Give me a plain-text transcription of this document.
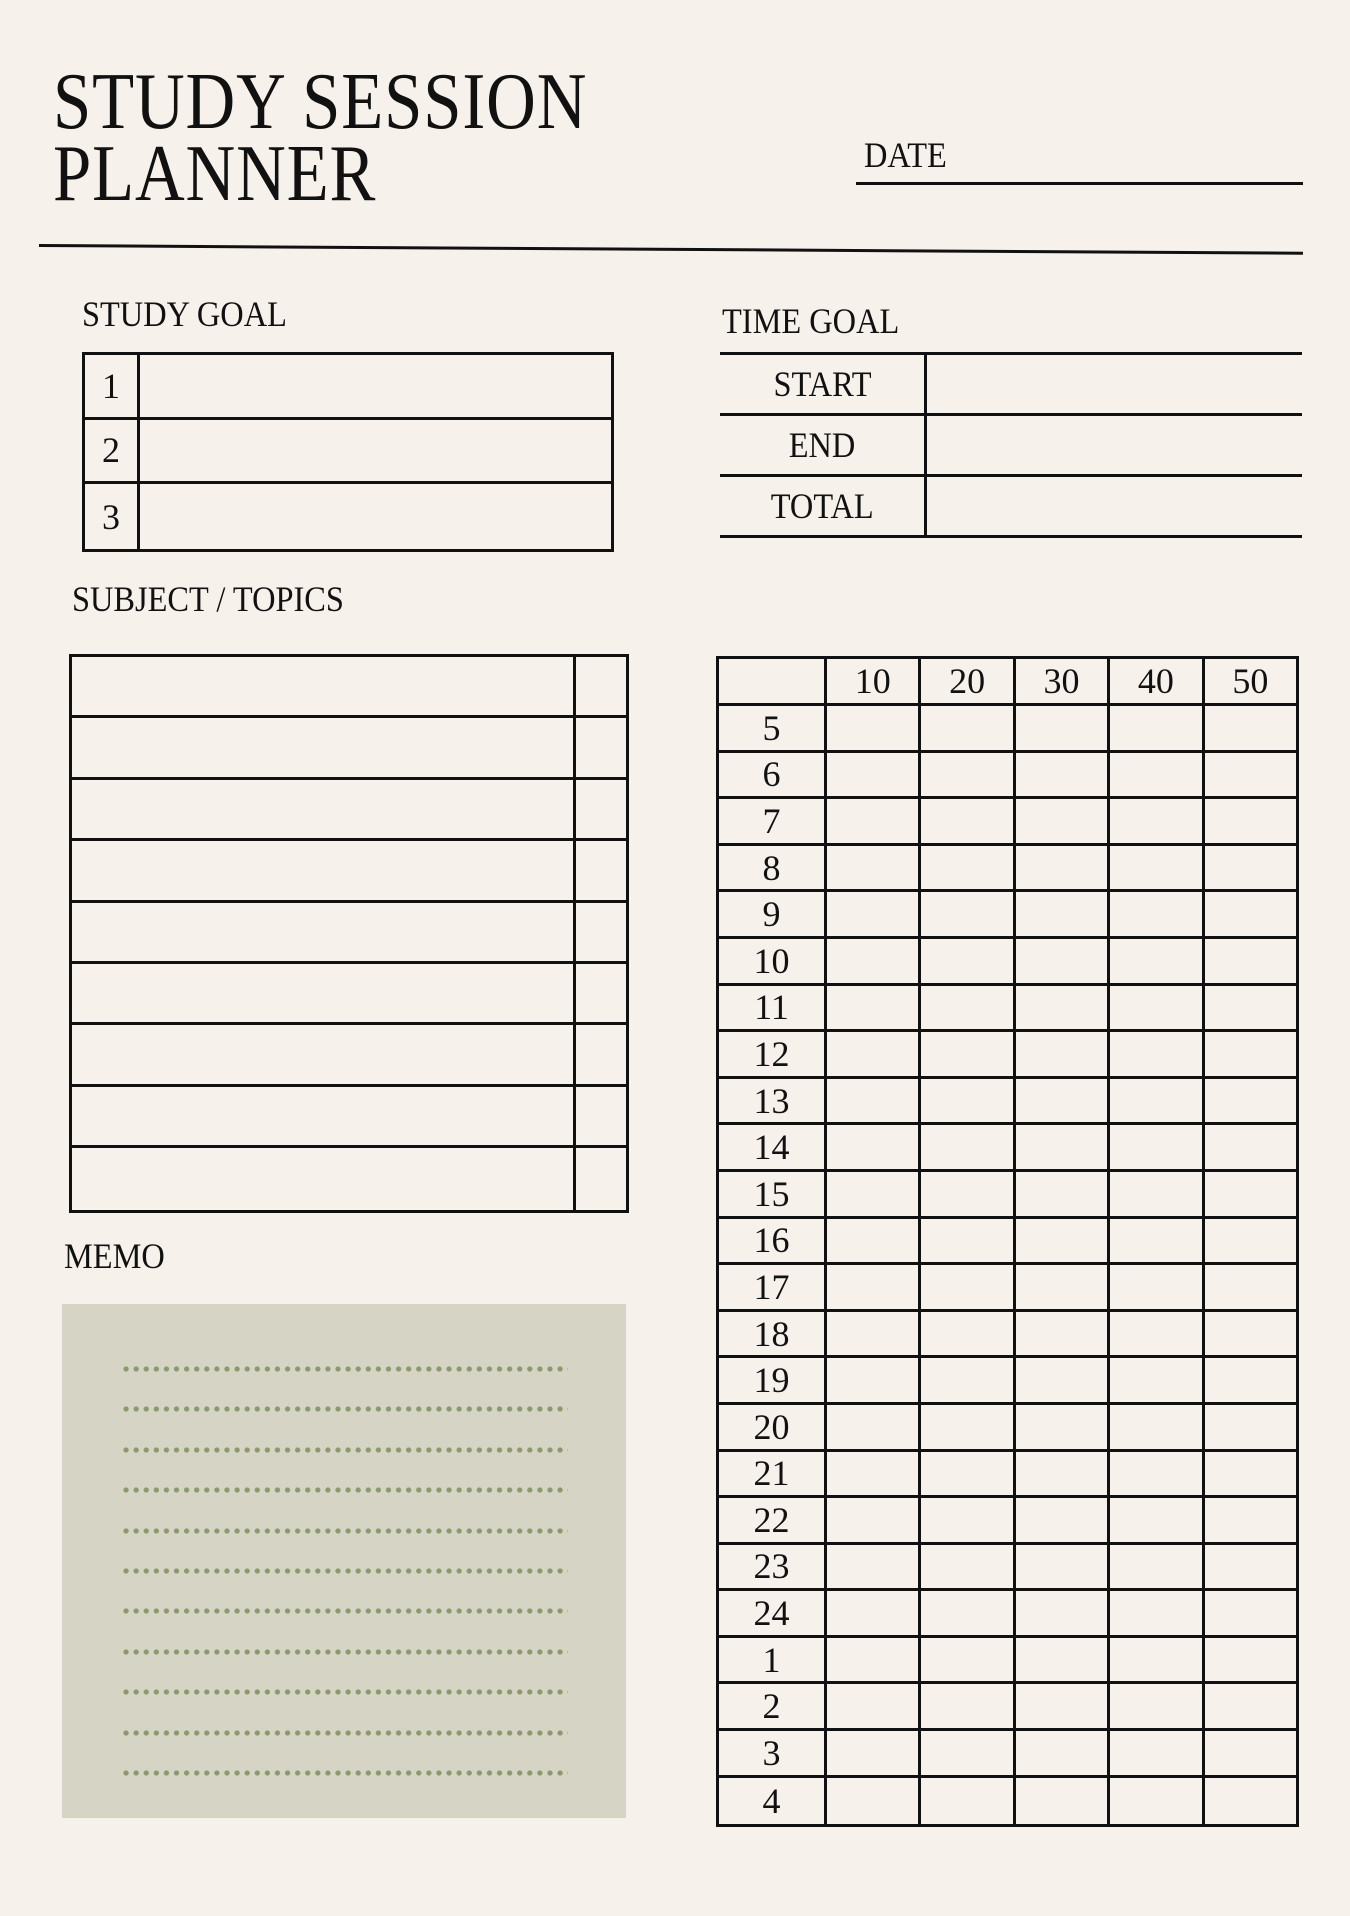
STUDY SESSION
PLANNER	DATE
STUDY GOAL
1
2
3
TIME GOAL
START
END
TOTAL
SUBJECT / TOPICS
MEMO
10	20	30	40	50
5
6
7
8
9
10
11
12
13
14
15
16
17
18
19
20
21
22
23
24
1
2
3
4
